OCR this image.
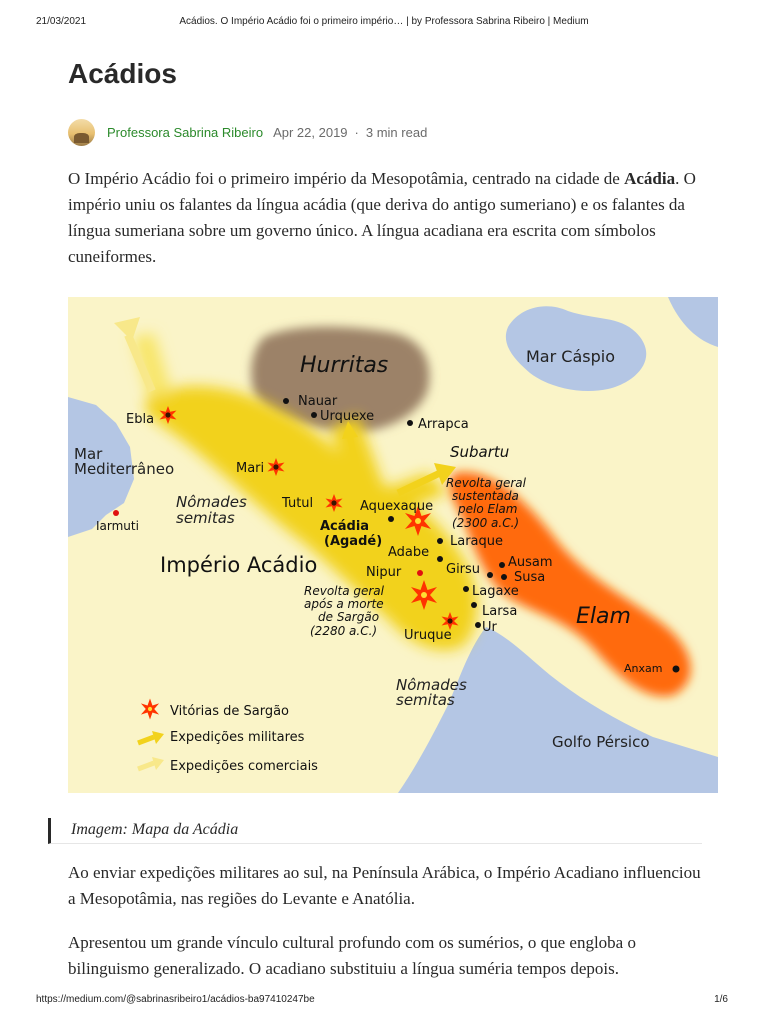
21/03/2021	Acádios. O Império Acádio foi o primeiro império… | by Professora Sabrina Ribeiro | Medium
Acádios
Professora Sabrina Ribeiro Apr 22, 2019 · 3 min read

O Império Acádio foi o primeiro império da Mesopotâmia, centrado na cidade de Acádia. O império uniu os falantes da língua acádia (que deriva do antigo sumeriano) e os falantes da língua sumeriana sobre um governo único. A língua acadiana era escrita com símbolos cuneiformes.

Hurritas	Mar Cáspio
Mar
Mediterrâneo
Nauar
Urquexe
Arrapca
Ebla
Mari
Subartu
Nômades
semitas
Tutul	Aquexaque
Acádia
(Agadé)
Revolta geral
sustentada
pelo Elam
(2300 a.C.)
Iarmuti
Império Acádio
Adabe
Laraque
Nipur	Girsu Ausam
Susa
Revolta geral
após a morte
de Sargão
(2280 a.C.)
Lagaxe
Larsa
Ur
Uruque
Elam
Anxam
Nômades
semitas
Golfo Pérsico
Vitórias de Sargão
Expedições militares
Expedições comerciais
Imagem: Mapa da Acádia

Ao enviar expedições militares ao sul, na Península Arábica, o Império Acadiano influenciou a Mesopotâmia, nas regiões do Levante e Anatólia.

Apresentou um grande vínculo cultural profundo com os sumérios, o que engloba o bilinguismo generalizado. O acadiano substituiu a língua suméria tempos depois.

https://medium.com/@sabrinasribeiro1/acádios-ba97410247be	1/6
